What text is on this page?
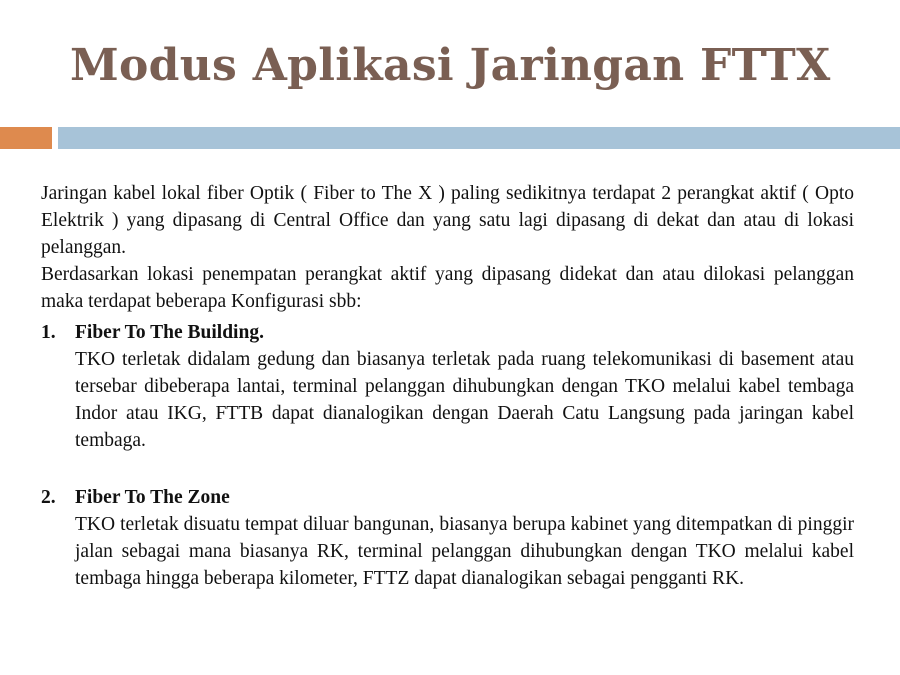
Modus Aplikasi Jaringan FTTX

Jaringan kabel lokal fiber Optik ( Fiber to The X ) paling sedikitnya terdapat 2 perangkat aktif ( Opto Elektrik ) yang dipasang di Central Office dan yang satu lagi dipasang di dekat dan atau di lokasi pelanggan.

Berdasarkan lokasi penempatan perangkat aktif yang dipasang didekat dan atau dilokasi pelanggan maka terdapat beberapa Konfigurasi sbb:

1. Fiber To The Building.

TKO terletak didalam gedung dan biasanya terletak pada ruang telekomunikasi di basement atau tersebar dibeberapa lantai, terminal pelanggan dihubungkan dengan TKO melalui kabel tembaga Indor atau IKG, FTTB dapat dianalogikan dengan Daerah Catu Langsung pada jaringan kabel tembaga.

2. Fiber To The Zone

TKO terletak disuatu tempat diluar bangunan, biasanya berupa kabinet yang ditempatkan di pinggir jalan sebagai mana biasanya RK, terminal pelanggan dihubungkan dengan TKO melalui kabel tembaga hingga beberapa kilometer, FTTZ dapat dianalogikan sebagai pengganti RK.
